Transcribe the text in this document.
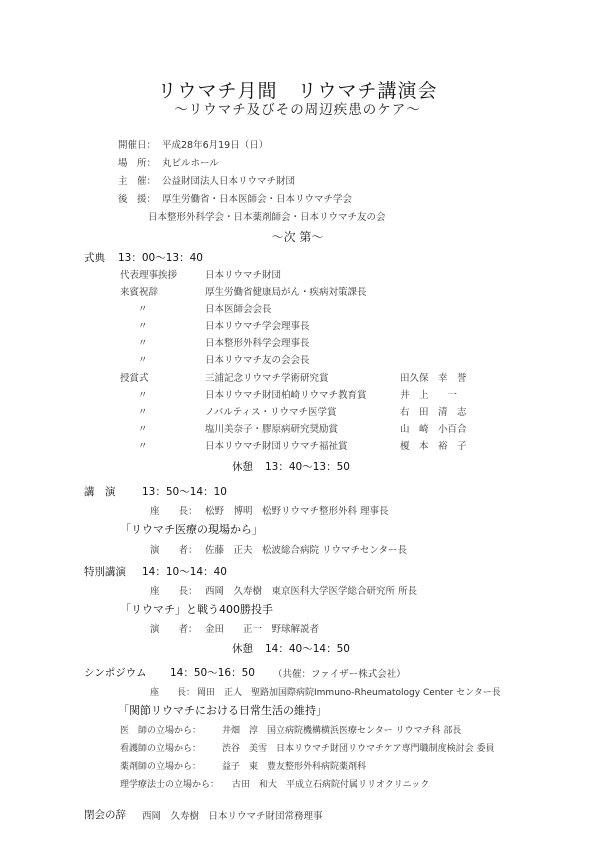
リウマチ月間　リウマチ講演会
～リウマチ及びその周辺疾患のケア～
開催日： 平成28年6月19日（日）
場　所： 丸ビルホール
主　催： 公益財団法人日本リウマチ財団
後　援： 厚生労働省・日本医師会・日本リウマチ学会
日本整形外科学会・日本薬剤師会・日本リウマチ友の会
～次 第～
式典 13：00～13：40
代表理事挨拶	日本リウマチ財団
来賓祝辞	厚生労働省健康局がん・疾病対策課長
〃	日本医師会会長
〃	日本リウマチ学会理事長
〃	日本整形外科学会理事長
〃	日本リウマチ友の会会長
授賞式	三浦記念リウマチ学術研究賞	田久保　幸　誉
〃	日本リウマチ財団柏崎リウマチ教育賞	井　上　　一
〃	ノバルティス・リウマチ医学賞	右　田　清　志
〃	塩川美奈子・膠原病研究奨励賞	山　崎　小百合
〃	日本リウマチ財団リウマチ福祉賞	榎　本　裕　子
休憩 13：40～13：50
講　演	13：50～14：10
座　　長： 松野　博明　松野リウマチ整形外科 理事長
「リウマチ医療の現場から」
演　　者： 佐藤　正夫　松波総合病院 リウマチセンター長
特別講演 14：10～14：40
座　　長： 西岡　久寿樹　東京医科大学医学総合研究所 所長
「リウマチ」と戦う400勝投手
演　　者： 金田　　正一　野球解説者
休憩 14：40～14：50
シンポジウム 14：50～16：50 （共催：ファイザー株式会社）
座　　長： 岡田　正人　聖路加国際病院Immuno-Rheumatology Center センター長
「関節リウマチにおける日常生活の維持」
医　師の立場から： 井畑　淳　国立病院機構横浜医療センター リウマチ科 部長
看護師の立場から： 渋谷　美雪　日本リウマチ財団リウマチケア専門職制度検討会 委員
薬剤師の立場から： 益子　東　豊友整形外科病院薬剤科
理学療法士の立場から： 古田　和大　平成立石病院付属リリオクリニック
閉会の辞 西岡　久寿樹　日本リウマチ財団常務理事
